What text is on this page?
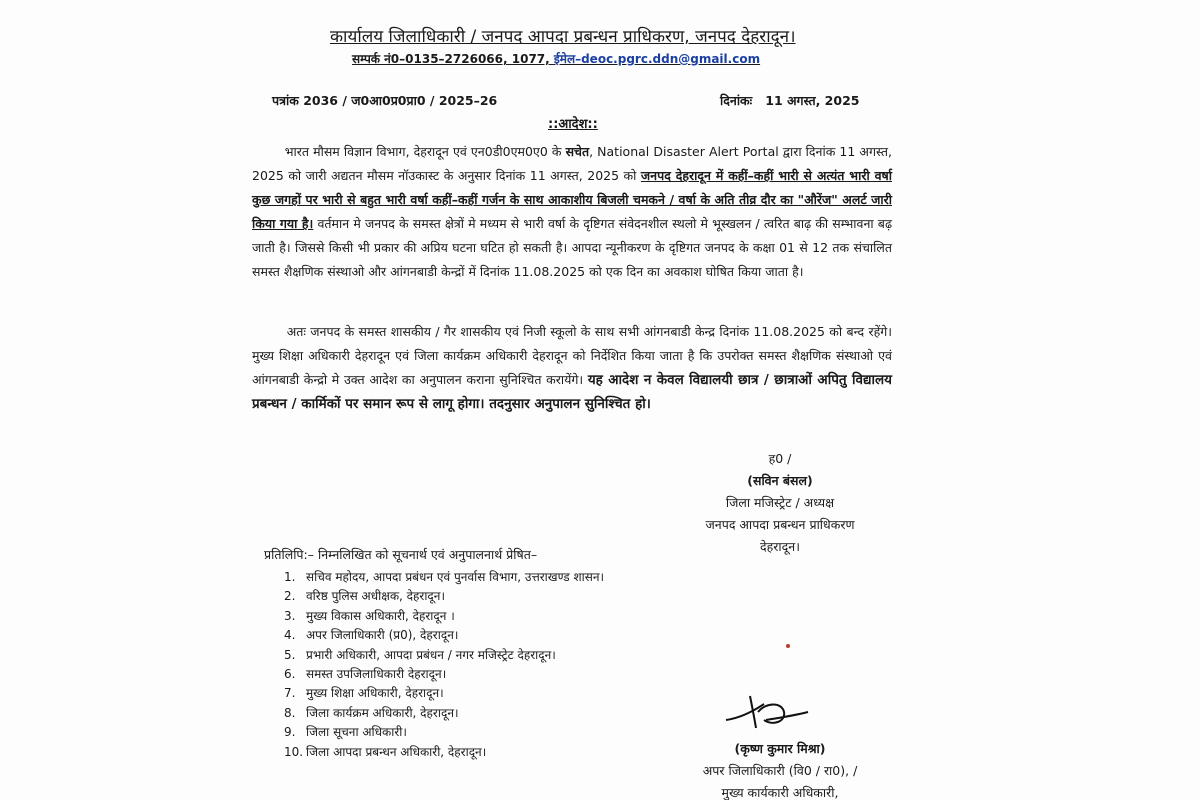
कार्यालय जिलाधिकारी / जनपद आपदा प्रबन्धन प्राधिकरण, जनपद देहरादून।
सम्पर्क नं0–0135–2726066, 1077, ईमेल–deoc.pgrc.ddn@gmail.com
पत्रांक 2036 / ज0आ0प्र0प्रा0 / 2025–26	दिनांकः 11 अगस्त, 2025
::आदेश::
भारत मौसम विज्ञान विभाग, देहरादून एवं एन0डी0एम0ए0 के सचेत, National Disaster Alert Portal द्वारा दिनांक 11 अगस्त, 2025 को जारी अद्यतन मौसम नॉउकास्ट के अनुसार दिनांक 11 अगस्त, 2025 को जनपद देहरादून में कहीं–कहीं भारी से अत्यंत भारी वर्षा कुछ जगहों पर भारी से बहुत भारी वर्षा कहीं–कहीं गर्जन के साथ आकाशीय बिजली चमकने / वर्षा के अति तीव्र दौर का "औरेंज" अलर्ट जारी किया गया है। वर्तमान मे जनपद के समस्त क्षेत्रों मे मध्यम से भारी वर्षा के दृष्टिगत संवेदनशील स्थलो मे भूस्खलन / त्वरित बाढ़ की सम्भावना बढ़ जाती है। जिससे किसी भी प्रकार की अप्रिय घटना घटित हो सकती है। आपदा न्यूनीकरण के दृष्टिगत जनपद के कक्षा 01 से 12 तक संचालित समस्त शैक्षणिक संस्थाओ और आंगनबाडी केन्द्रों में दिनांक 11.08.2025 को एक दिन का अवकाश घोषित किया जाता है।
अतः जनपद के समस्त शासकीय / गैर शासकीय एवं निजी स्कूलो के साथ सभी आंगनबाडी केन्द्र दिनांक 11.08.2025 को बन्द रहेंगे। मुख्य शिक्षा अधिकारी देहरादून एवं जिला कार्यक्रम अधिकारी देहरादून को निर्देशित किया जाता है कि उपरोक्त समस्त शैक्षणिक संस्थाओ एवं आंगनबाडी केन्द्रो मे उक्त आदेश का अनुपालन कराना सुनिश्चित करायेंगे। यह आदेश न केवल विद्यालयी छात्र / छात्राओं अपितु विद्यालय प्रबन्धन / कार्मिकों पर समान रूप से लागू होगा। तदनुसार अनुपालन सुनिश्चित हो।
ह0 /
(सविन बंसल)
जिला मजिस्ट्रेट / अध्यक्ष
जनपद आपदा प्रबन्धन प्राधिकरण
देहरादून।
प्रतिलिपि:– निम्नलिखित को सूचनार्थ एवं अनुपालनार्थ प्रेषित–
1. सचिव महोदय, आपदा प्रबंधन एवं पुनर्वास विभाग, उत्तराखण्ड शासन।
2. वरिष्ठ पुलिस अधीक्षक, देहरादून।
3. मुख्य विकास अधिकारी, देहरादून ।
4. अपर जिलाधिकारी (प्र0), देहरादून।
5. प्रभारी अधिकारी, आपदा प्रबंधन / नगर मजिस्ट्रेट देहरादून।
6. समस्त उपजिलाधिकारी देहरादून।
7. मुख्य शिक्षा अधिकारी, देहरादून।
8. जिला कार्यक्रम अधिकारी, देहरादून।
9. जिला सूचना अधिकारी।
10. जिला आपदा प्रबन्धन अधिकारी, देहरादून।	(कृष्ण कुमार मिश्रा)
अपर जिलाधिकारी (वि0 / रा0), /
मुख्य कार्यकारी अधिकारी,
